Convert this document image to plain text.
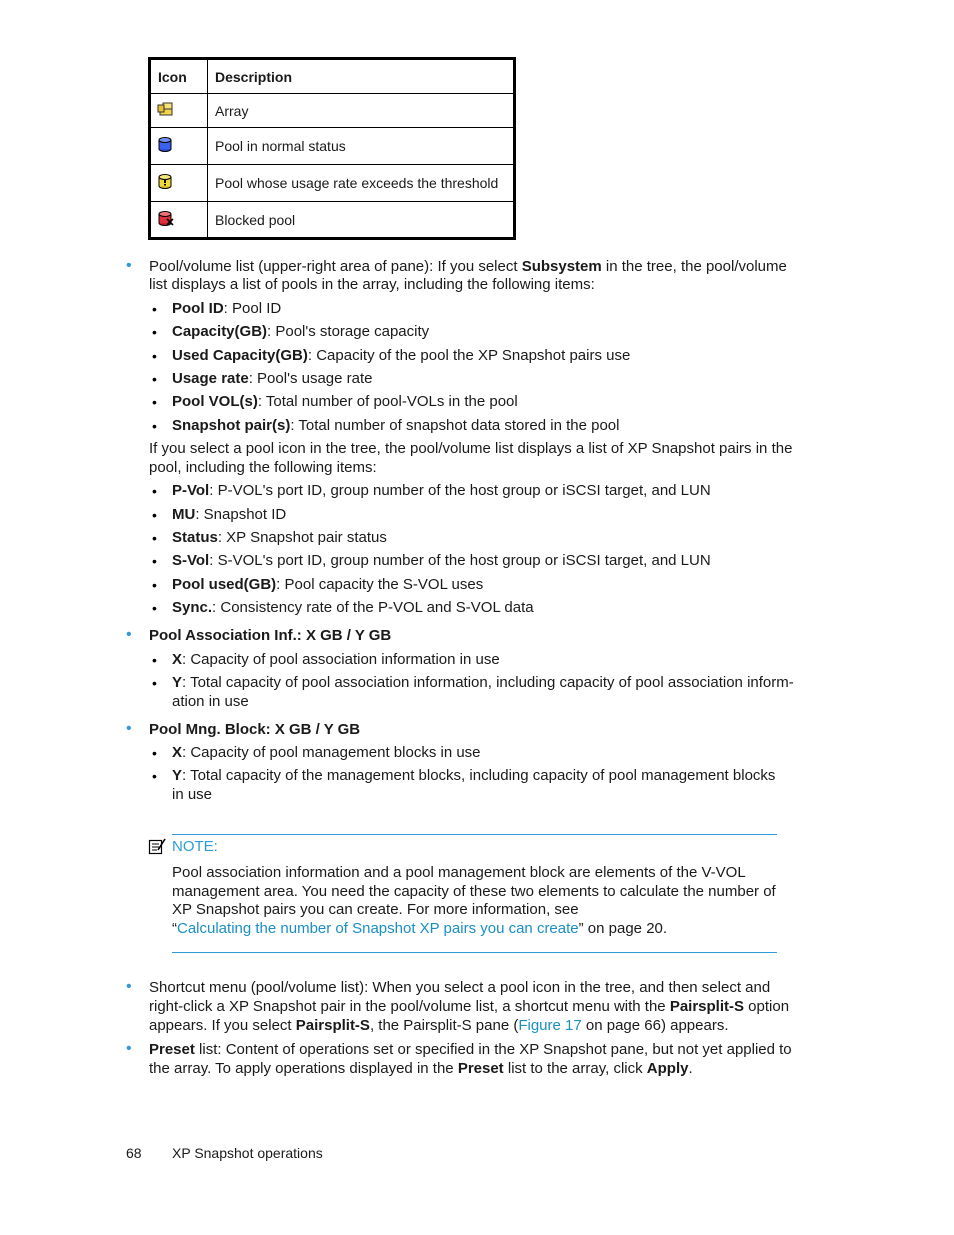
Icon	Description
	Array
	Pool in normal status
	Pool whose usage rate exceeds the threshold
	Blocked pool
• Pool/volume list (upper-right area of pane): If you select Subsystem in the tree, the pool/volume
list displays a list of pools in the array, including the following items:
• Pool ID: Pool ID
• Capacity(GB): Pool's storage capacity
• Used Capacity(GB): Capacity of the pool the XP Snapshot pairs use
• Usage rate: Pool's usage rate
• Pool VOL(s): Total number of pool-VOLs in the pool
• Snapshot pair(s): Total number of snapshot data stored in the pool
If you select a pool icon in the tree, the pool/volume list displays a list of XP Snapshot pairs in the
pool, including the following items:
• P-Vol: P-VOL's port ID, group number of the host group or iSCSI target, and LUN
• MU: Snapshot ID
• Status: XP Snapshot pair status
• S-Vol: S-VOL's port ID, group number of the host group or iSCSI target, and LUN
• Pool used(GB): Pool capacity the S-VOL uses
• Sync.: Consistency rate of the P-VOL and S-VOL data
• Pool Association Inf.: X GB / Y GB
• X: Capacity of pool association information in use
• Y: Total capacity of pool association information, including capacity of pool association inform-
ation in use
• Pool Mng. Block: X GB / Y GB
• X: Capacity of pool management blocks in use
• Y: Total capacity of the management blocks, including capacity of pool management blocks
in use
NOTE:
Pool association information and a pool management block are elements of the V-VOL
management area. You need the capacity of these two elements to calculate the number of
XP Snapshot pairs you can create. For more information, see
“Calculating the number of Snapshot XP pairs you can create” on page 20.
• Shortcut menu (pool/volume list): When you select a pool icon in the tree, and then select and
right-click a XP Snapshot pair in the pool/volume list, a shortcut menu with the Pairsplit-S option
appears. If you select Pairsplit-S, the Pairsplit-S pane (Figure 17 on page 66) appears.
• Preset list: Content of operations set or specified in the XP Snapshot pane, but not yet applied to
the array. To apply operations displayed in the Preset list to the array, click Apply.
68 XP Snapshot operations
